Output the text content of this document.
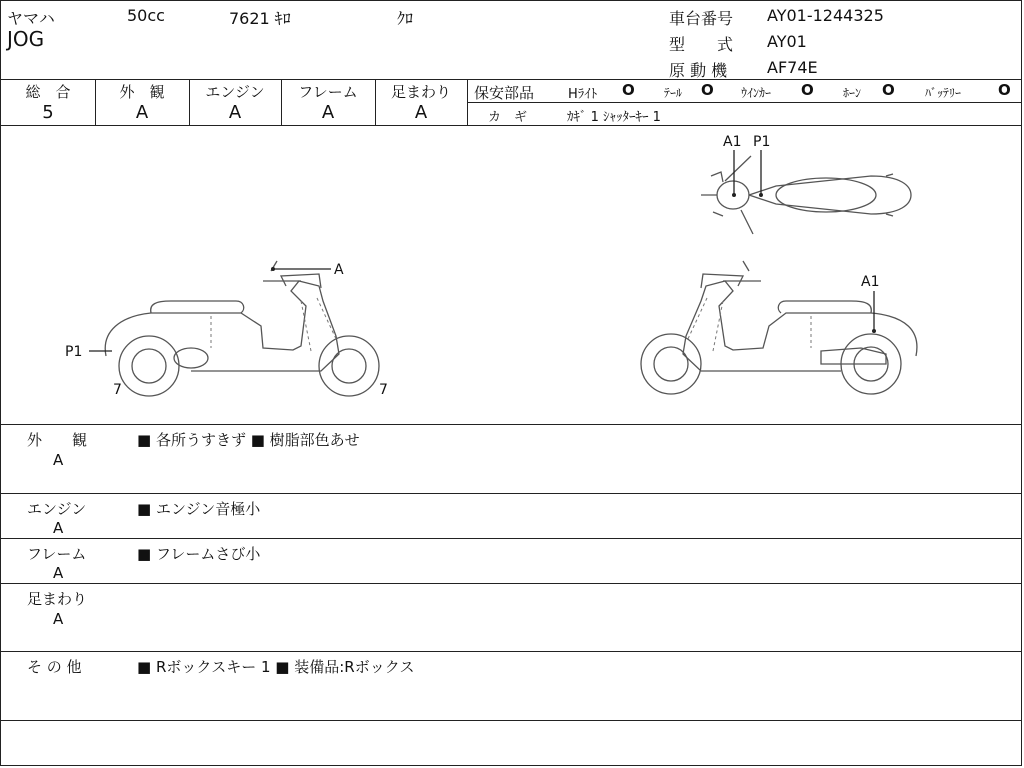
ヤマハ	50cc	7621 ｷﾛ	ｸﾛ
JOG
車台番号 AY01-1244325
型　　式 AY01
原 動 機 AF74E
総　合
5
外　観
A
エンジン
A
フレーム
A
足まわり
A
保安部品	Hﾗｲﾄ O ﾃｰﾙ O ｳｲﾝｶｰ O ﾎｰﾝ O	ﾊﾞｯﾃﾘｰ O
カ　ギ	ｶｷﾞ 1 ｼｬｯﾀｰｷｰ 1
A
P1
7	7
A1 P1
A1
外　　観
A
■ 各所うすきず ■ 樹脂部色あせ
エンジン
A
■ エンジン音極小
フレーム
A
■ フレームさび小
足まわり
A
そ の 他	■ Rボックスキー 1 ■ 装備品:Rボックス
